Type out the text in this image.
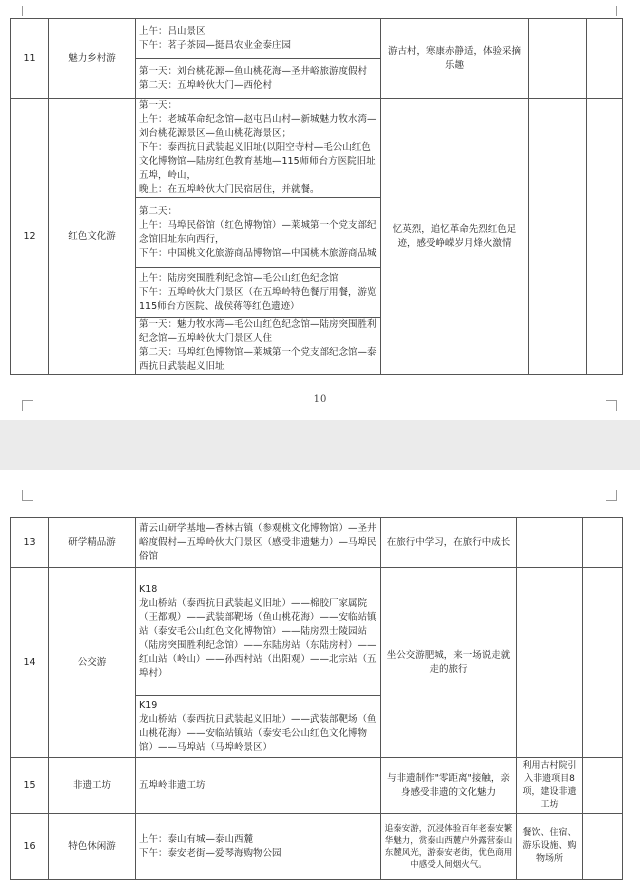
11	魅力乡村游	上午：吕山景区
下午：茗子茶园—挺昌农业金泰庄园	游古村，寒康赤静适，体验采摘乐趣		

		第一天：刘台桃花源—鱼山桃花海—圣井峪旅游度假村
第二天：五埠岭伙大门—西伦村			

12	红色文化游	第一天：
上午：老城革命纪念馆—赵屯吕山村—新城魅力牧水湾—刘台桃花源景区—鱼山桃花海景区；
下午：泰西抗日武装起义旧址(以阳空寺村—毛公山红色文化博物馆—陆房红色教育基地—115师师台方医院旧址五埠，岭山，
晚上：在五埠岭伙大门民宿居住，并就餐。	忆英烈，追忆革命先烈红色足迹，感受峥嵘岁月烽火激情		

		第二天：
上午：马埠民俗馆（红色博物馆）—莱城第一个党支部纪念馆旧址东向西行，
下午：中国桃文化旅游商品博物馆—中国桃木旅游商品城			

		上午：陆房突围胜利纪念馆—毛公山红色纪念馆
下午：五埠岭伙大门景区（在五埠岭特色餐厅用餐，游览115师台方医院、战侯蒋等红色遗迹）			

		第一天：魅力牧水湾—毛公山红色纪念馆—陆房突围胜利纪念馆—五埠岭伙大门景区人住
第二天：马埠红色博物馆—莱城第一个党支部纪念馆—泰西抗日武装起义旧址			
10
13	研学精品游	莆云山研学基地—香林古镇（参观桃文化博物馆）—圣井峪度假村—五埠岭伙大门景区（感受非遗魅力）—马埠民俗馆	在旅行中学习，在旅行中成长		
14	公交游	K18
龙山桥站（泰西抗日武装起义旧址）——棉胶厂家属院（王都观）——武装部靶场（鱼山桃花海）——安临站镇站（泰安毛公山红色文化博物馆）——陆房烈士陵园站（陆房突围胜利纪念馆）——东陆房站（东陆房村）——红山站（岭山）——孙西村站（出阳观）——北宗站（五埠村）	坐公交游肥城，来一场说走就走的旅行		

		K19
龙山桥站（泰西抗日武装起义旧址）——武装部靶场（鱼山桃花海）——安临站镇站（泰安毛公山红色文化博物馆）——马埠站（马埠岭景区）			

15	非遗工坊	五埠岭非遗工坊	与非遗制作"零距离"接触，亲身感受非遗的文化魅力	利用古村院引入非遗项目8项，建设非遗工坊	
16	特色休闲游	上午：泰山有城—泰山西麓
下午：泰安老街—爱琴海购物公园	追泰安游，沉浸体验百年老泰安繁华魅力，赏泰山西麓户外露营泰山东麓风光，游泰安老街，优色商用中感受人间烟火气。	餐饮、住宿、游乐设施、购物场所	
